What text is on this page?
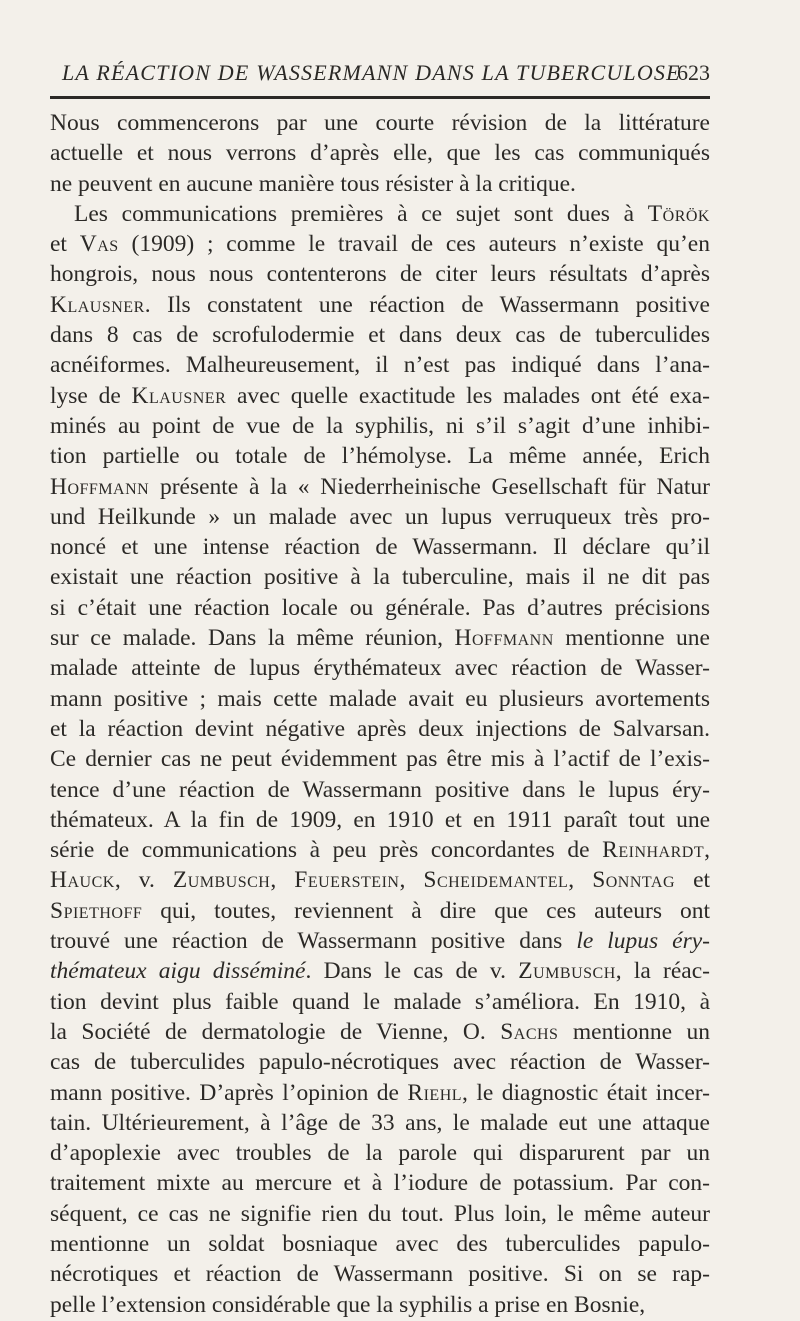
LA RÉACTION DE WASSERMANN DANS LA TUBERCULOSE
623
Nous commencerons par une courte révision de la littérature
actuelle et nous verrons d’après elle, que les cas communiqués
ne peuvent en aucune manière tous résister à la critique.
Les communications premières à ce sujet sont dues à Török
et Vas (1909) ; comme le travail de ces auteurs n’existe qu’en
hongrois, nous nous contenterons de citer leurs résultats d’après
Klausner. Ils constatent une réaction de Wassermann positive
dans 8 cas de scrofulodermie et dans deux cas de tuberculides
acnéiformes. Malheureusement, il n’est pas indiqué dans l’ana-
lyse de Klausner avec quelle exactitude les malades ont été exa-
minés au point de vue de la syphilis, ni s’il s’agit d’une inhibi-
tion partielle ou totale de l’hémolyse. La même année, Erich
Hoffmann présente à la « Niederrheinische Gesellschaft für Natur
und Heilkunde » un malade avec un lupus verruqueux très pro-
noncé et une intense réaction de Wassermann. Il déclare qu’il
existait une réaction positive à la tuberculine, mais il ne dit pas
si c’était une réaction locale ou générale. Pas d’autres précisions
sur ce malade. Dans la même réunion, Hoffmann mentionne une
malade atteinte de lupus érythémateux avec réaction de Wasser-
mann positive ; mais cette malade avait eu plusieurs avortements
et la réaction devint négative après deux injections de Salvarsan.
Ce dernier cas ne peut évidemment pas être mis à l’actif de l’exis-
tence d’une réaction de Wassermann positive dans le lupus éry-
thémateux. A la fin de 1909, en 1910 et en 1911 paraît tout une
série de communications à peu près concordantes de Reinhardt,
Hauck, v. Zumbusch, Feuerstein, Scheidemantel, Sonntag et
Spiethoff qui, toutes, reviennent à dire que ces auteurs ont
trouvé une réaction de Wassermann positive dans le lupus éry-
thémateux aigu disséminé. Dans le cas de v. Zumbusch, la réac-
tion devint plus faible quand le malade s’améliora. En 1910, à
la Société de dermatologie de Vienne, O. Sachs mentionne un
cas de tuberculides papulo-nécrotiques avec réaction de Wasser-
mann positive. D’après l’opinion de Riehl, le diagnostic était incer-
tain. Ultérieurement, à l’âge de 33 ans, le malade eut une attaque
d’apoplexie avec troubles de la parole qui disparurent par un
traitement mixte au mercure et à l’iodure de potassium. Par con-
séquent, ce cas ne signifie rien du tout. Plus loin, le même auteur
mentionne un soldat bosniaque avec des tuberculides papulo-
nécrotiques et réaction de Wassermann positive. Si on se rap-
pelle l’extension considérable que la syphilis a prise en Bosnie,
